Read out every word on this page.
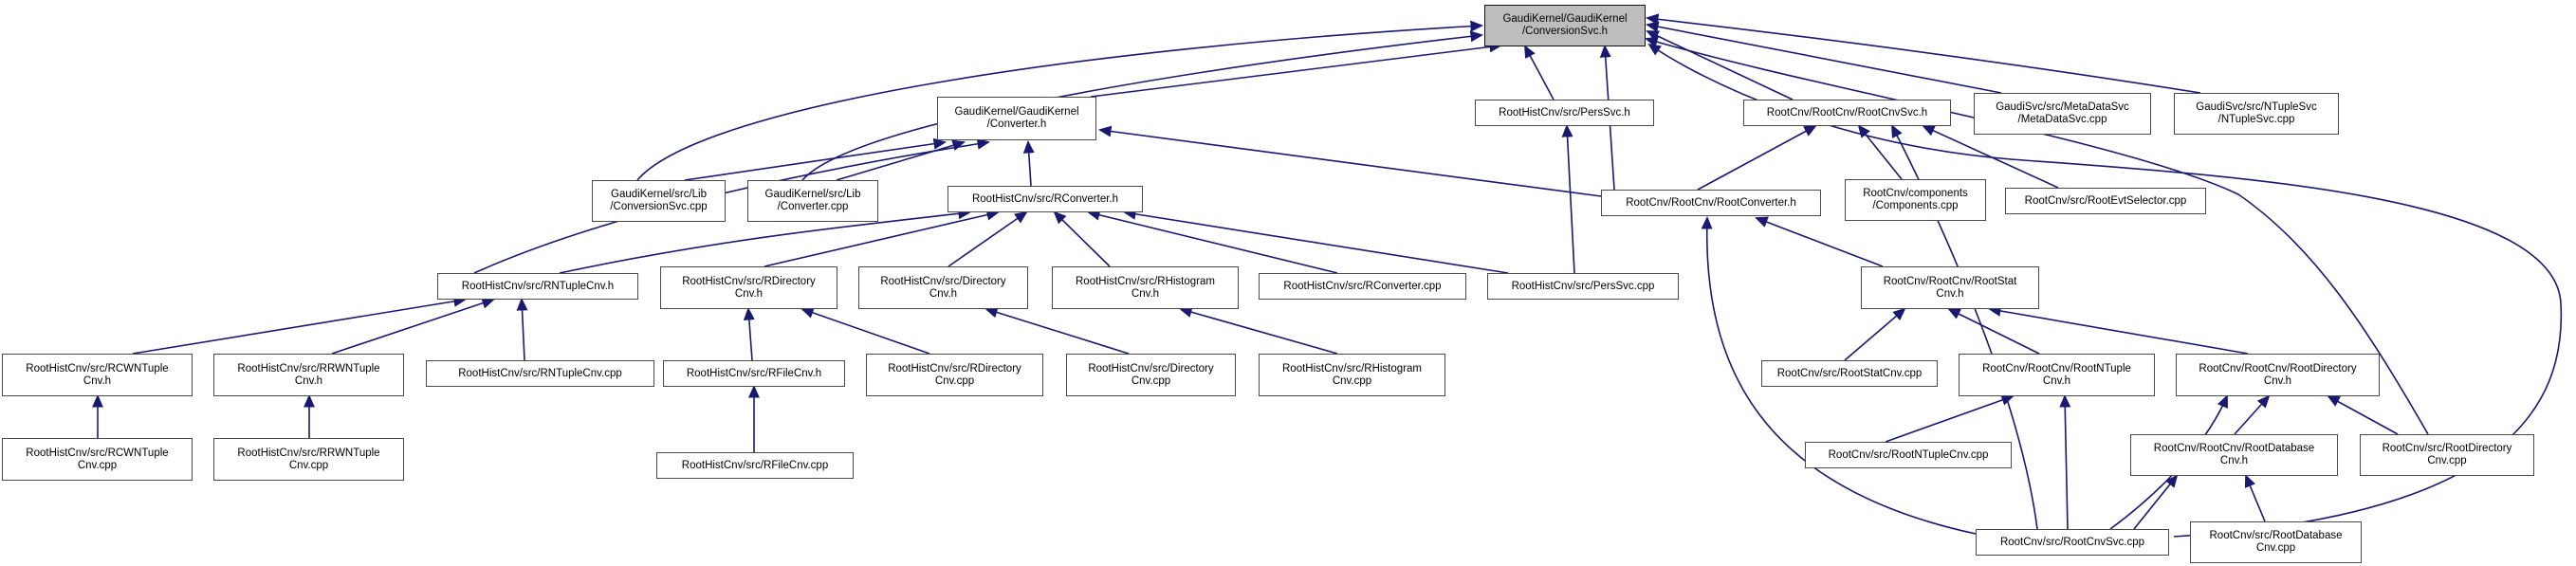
GaudiKernel/GaudiKernel
/ConversionSvc.h
GaudiKernel/GaudiKernel
/Converter.h
RootHistCnv/src/PersSvc.h	RootCnv/RootCnv/RootCnvSvc.h	GaudiSvc/src/MetaDataSvc
/MetaDataSvc.cpp
GaudiSvc/src/NTupleSvc
/NTupleSvc.cpp
GaudiKernel/src/Lib
/ConversionSvc.cpp
GaudiKernel/src/Lib
/Converter.cpp
RootHistCnv/src/RConverter.h	RootCnv/RootCnv/RootConverter.h
RootCnv/components
/Components.cpp	RootCnv/src/RootEvtSelector.cpp
RootHistCnv/src/RNTupleCnv.h	RootHistCnv/src/RDirectory
Cnv.h
RootHistCnv/src/Directory
Cnv.h
RootHistCnv/src/RHistogram
Cnv.h
RootHistCnv/src/RConverter.cpp	RootHistCnv/src/PersSvc.cpp	RootCnv/RootCnv/RootStat
Cnv.h
RootHistCnv/src/RCWNTuple
Cnv.h
RootHistCnv/src/RRWNTuple
Cnv.h
RootHistCnv/src/RNTupleCnv.cpp	RootHistCnv/src/RFileCnv.h	RootHistCnv/src/RDirectory
Cnv.cpp
RootHistCnv/src/Directory
Cnv.cpp
RootHistCnv/src/RHistogram
Cnv.cpp
RootCnv/src/RootStatCnv.cpp	RootCnv/RootCnv/RootNTuple
Cnv.h
RootCnv/RootCnv/RootDirectory
Cnv.h
RootHistCnv/src/RCWNTuple
Cnv.cpp
RootHistCnv/src/RRWNTuple
Cnv.cpp	RootHistCnv/src/RFileCnv.cpp
RootCnv/src/RootNTupleCnv.cpp
RootCnv/RootCnv/RootDatabase
Cnv.h
RootCnv/src/RootDirectory
Cnv.cpp
RootCnv/src/RootCnvSvc.cpp
RootCnv/src/RootDatabase
Cnv.cpp
